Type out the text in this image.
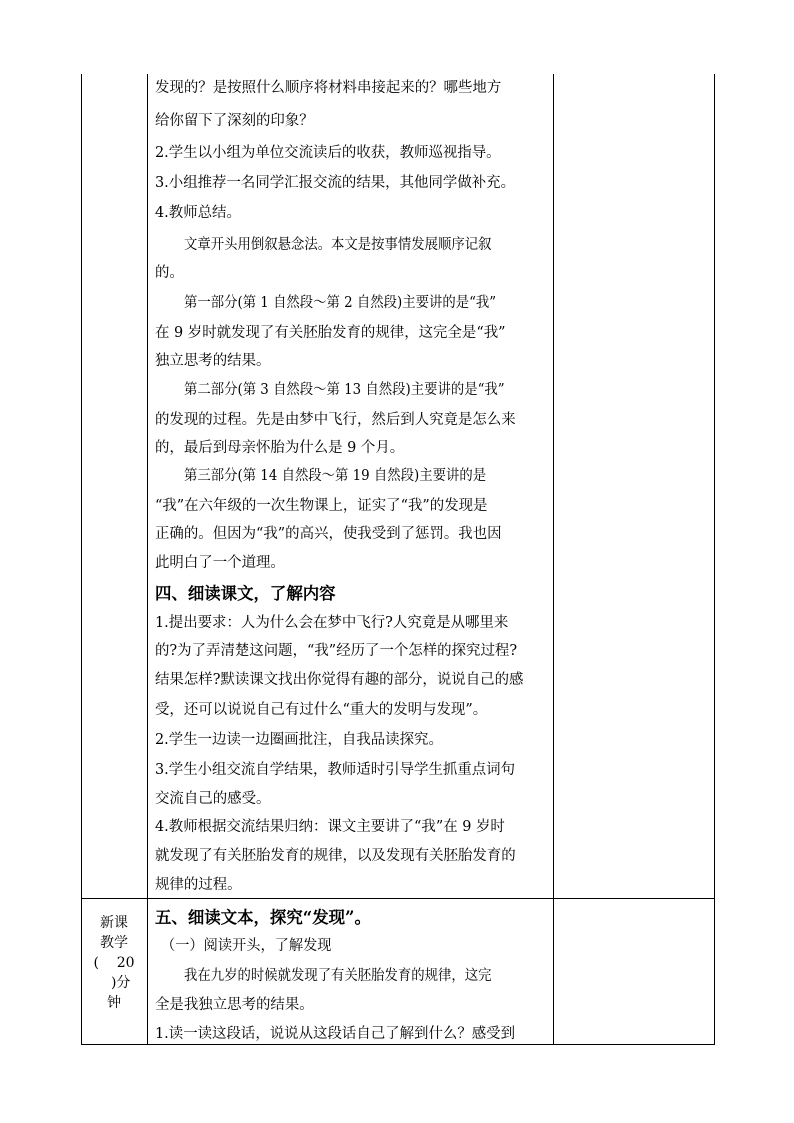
新课
教学
(    20
)分
钟
发现的？是按照什么顺序将材料串接起来的？哪些地方
给你留下了深刻的印象？
2.学生以小组为单位交流读后的收获，教师巡视指导。
3.小组推荐一名同学汇报交流的结果，其他同学做补充。
4.教师总结。
文章开头用倒叙悬念法。本文是按事情发展顺序记叙
的。
第一部分(第 1 自然段～第 2 自然段)主要讲的是“我”
在 9 岁时就发现了有关胚胎发育的规律，这完全是“我”
独立思考的结果。
第二部分(第 3 自然段～第 13 自然段)主要讲的是“我”
的发现的过程。先是由梦中飞行，然后到人究竟是怎么来
的，最后到母亲怀胎为什么是 9 个月。
第三部分(第 14 自然段～第 19 自然段)主要讲的是
“我”在六年级的一次生物课上，证实了“我”的发现是
正确的。但因为“我”的高兴，使我受到了惩罚。我也因
此明白了一个道理。
四、细读课文，了解内容
1.提出要求：人为什么会在梦中飞行?人究竟是从哪里来
的?为了弄清楚这问题，“我”经历了一个怎样的探究过程?
结果怎样?默读课文找出你觉得有趣的部分，说说自己的感
受，还可以说说自己有过什么“重大的发明与发现”。
2.学生一边读一边圈画批注，自我品读探究。
3.学生小组交流自学结果，教师适时引导学生抓重点词句
交流自己的感受。
4.教师根据交流结果归纳：课文主要讲了“我”在 9 岁时
就发现了有关胚胎发育的规律，以及发现有关胚胎发育的
规律的过程。
五、细读文本，探究“发现”。
（一）阅读开头，了解发现
我在九岁的时候就发现了有关胚胎发育的规律，这完
全是我独立思考的结果。
1.读一读这段话，说说从这段话自己了解到什么？感受到
